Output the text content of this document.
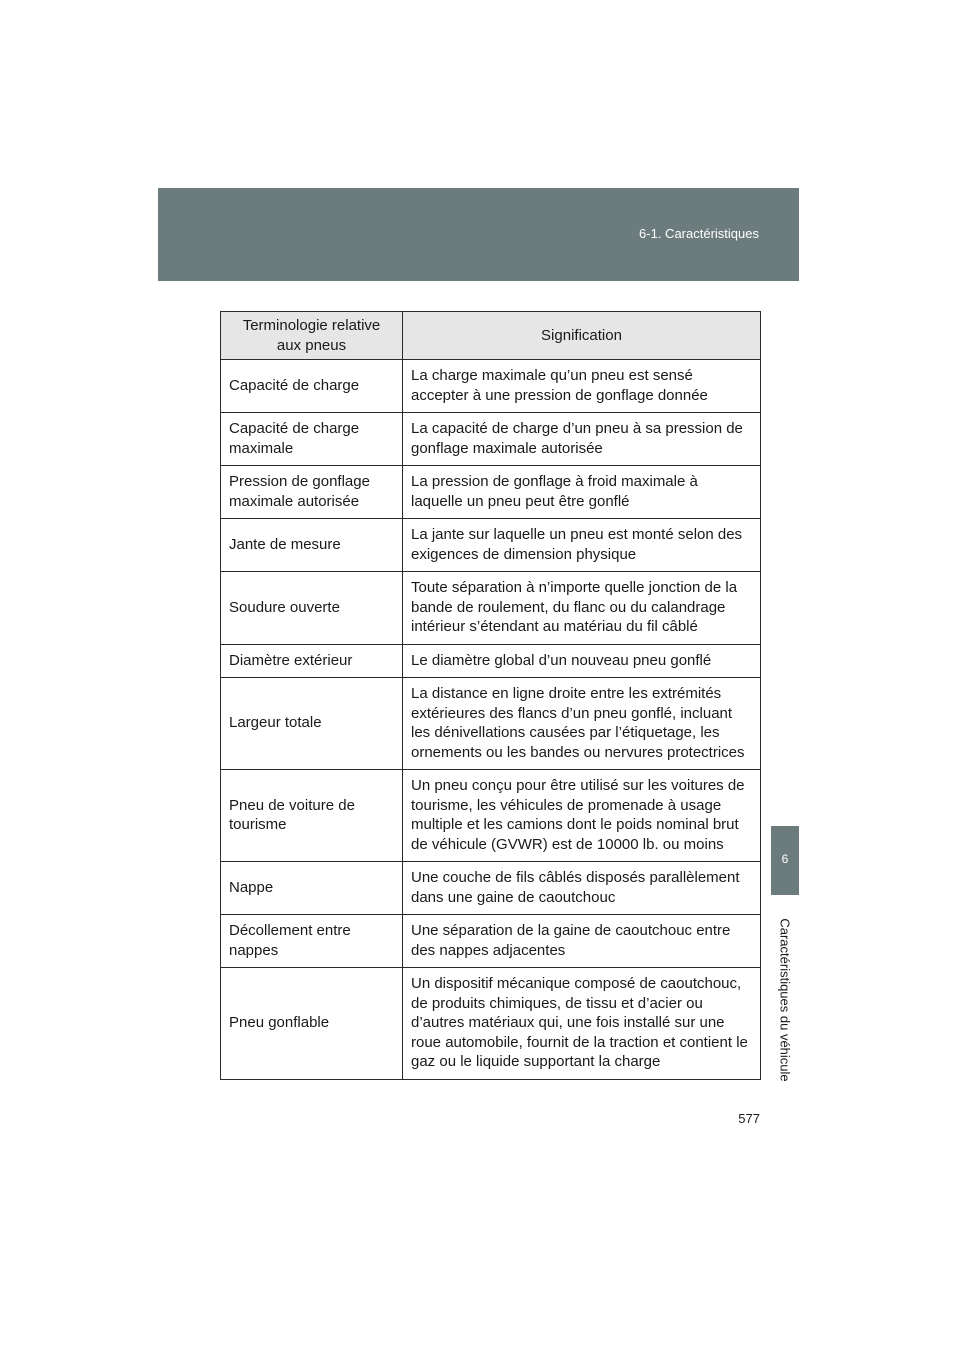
6-1. Caractéristiques
6
Caractéristiques du véhicule
Terminologie relative aux pneus	Signification
Capacité de charge	La charge maximale qu’un pneu est sensé accepter à une pression de gonflage donnée
Capacité de charge maximale	La capacité de charge d’un pneu à sa pression de gonflage maximale autorisée
Pression de gonflage maximale autorisée	La pression de gonflage à froid maximale à laquelle un pneu peut être gonflé
Jante de mesure	La jante sur laquelle un pneu est monté selon des exigences de dimension physique
Soudure ouverte	Toute séparation à n’importe quelle jonction de la bande de roulement, du flanc ou du calandrage intérieur s’étendant au matériau du fil câblé
Diamètre extérieur	Le diamètre global d’un nouveau pneu gonflé
Largeur totale	La distance en ligne droite entre les extrémités extérieures des flancs d’un pneu gonflé, incluant les dénivellations causées par l’étiquetage, les ornements ou les bandes ou nervures protectrices
Pneu de voiture de tourisme	Un pneu conçu pour être utilisé sur les voitures de tourisme, les véhicules de promenade à usage multiple et les camions dont le poids nominal brut de véhicule (GVWR) est de 10000 lb. ou moins
Nappe	Une couche de fils câblés disposés parallèlement dans une gaine de caoutchouc
Décollement entre nappes	Une séparation de la gaine de caoutchouc entre des nappes adjacentes
Pneu gonflable	Un dispositif mécanique composé de caoutchouc, de produits chimiques, de tissu et d’acier ou d’autres matériaux qui, une fois installé sur une roue automobile, fournit de la traction et contient le gaz ou le liquide supportant la charge
577
